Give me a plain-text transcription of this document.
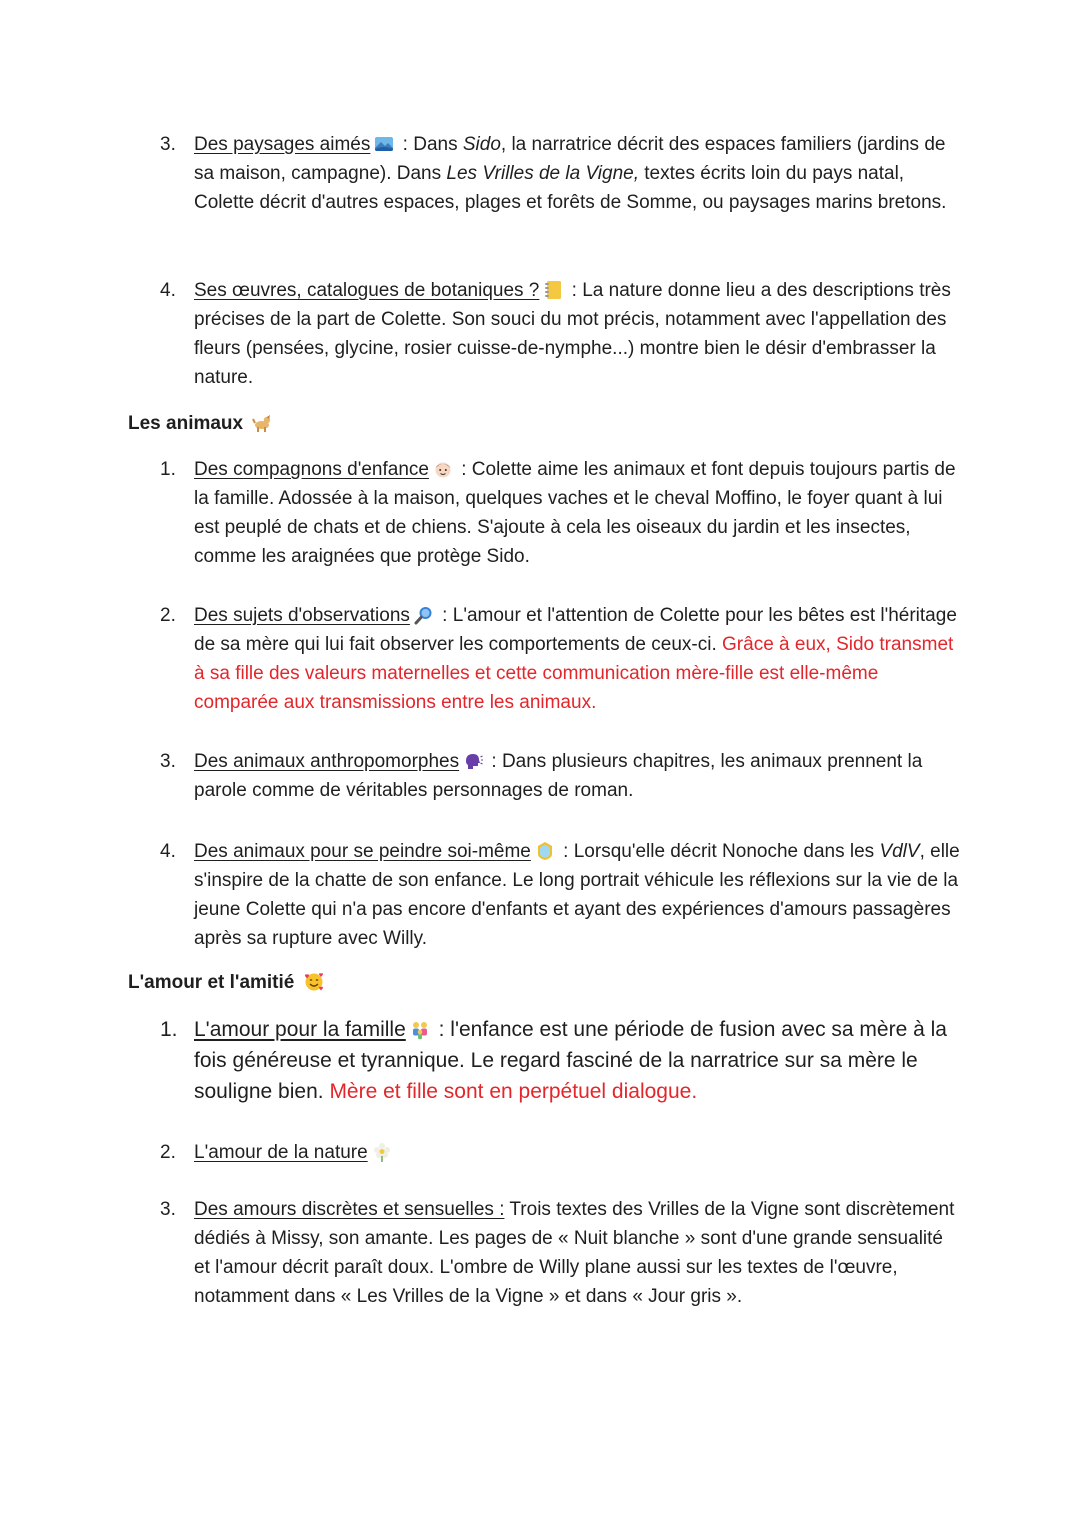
3. Des paysages aimés
: Dans Sido, la narratrice décrit des espaces familiers (jardins de sa maison, campagne). Dans Les Vrilles de la Vigne, textes écrits loin du pays natal, Colette décrit d'autres espaces, plages et forêts de Somme, ou paysages marins bretons.
4. Ses œuvres, catalogues de botaniques ?
: La nature donne lieu a des descriptions très précises de la part de Colette. Son souci du mot précis, notamment avec l'appellation des fleurs (pensées, glycine, rosier cuisse-de-nymphe...) montre bien le désir d'embrasser la nature.
Les animaux
1. Des compagnons d'enfance
: Colette aime les animaux et font depuis toujours partis de la famille. Adossée à la maison, quelques vaches et le cheval Moffino, le foyer quant à lui est peuplé de chats et de chiens. S'ajoute à cela les oiseaux du jardin et les insectes, comme les araignées que protège Sido.
2. Des sujets d'observations
: L'amour et l'attention de Colette pour les bêtes est l'héritage de sa mère qui lui fait observer les comportements de ceux-ci. Grâce à eux, Sido transmet à sa fille des valeurs maternelles et cette communication mère-fille est elle-même comparée aux transmissions entre les animaux.
3. Des animaux anthropomorphes
: Dans plusieurs chapitres, les animaux prennent la parole comme de véritables personnages de roman.
4. Des animaux pour se peindre soi-même
: Lorsqu'elle décrit Nonoche dans les VdlV, elle s'inspire de la chatte de son enfance. Le long portrait véhicule les réflexions sur la vie de la jeune Colette qui n'a pas encore d'enfants et ayant des expériences d'amours passagères après sa rupture avec Willy.
L'amour et l'amitié
1. L'amour pour la famille
: l'enfance est une période de fusion avec sa mère à la fois généreuse et tyrannique. Le regard fasciné de la narratrice sur sa mère le souligne bien. Mère et fille sont en perpétuel dialogue.
2. L'amour de la nature
3. Des amours discrètes et sensuelles : Trois textes des Vrilles de la Vigne sont discrètement dédiés à Missy, son amante. Les pages de « Nuit blanche » sont d'une grande sensualité et l'amour décrit paraît doux. L'ombre de Willy plane aussi sur les textes de l'œuvre, notamment dans « Les Vrilles de la Vigne » et dans « Jour gris ».
